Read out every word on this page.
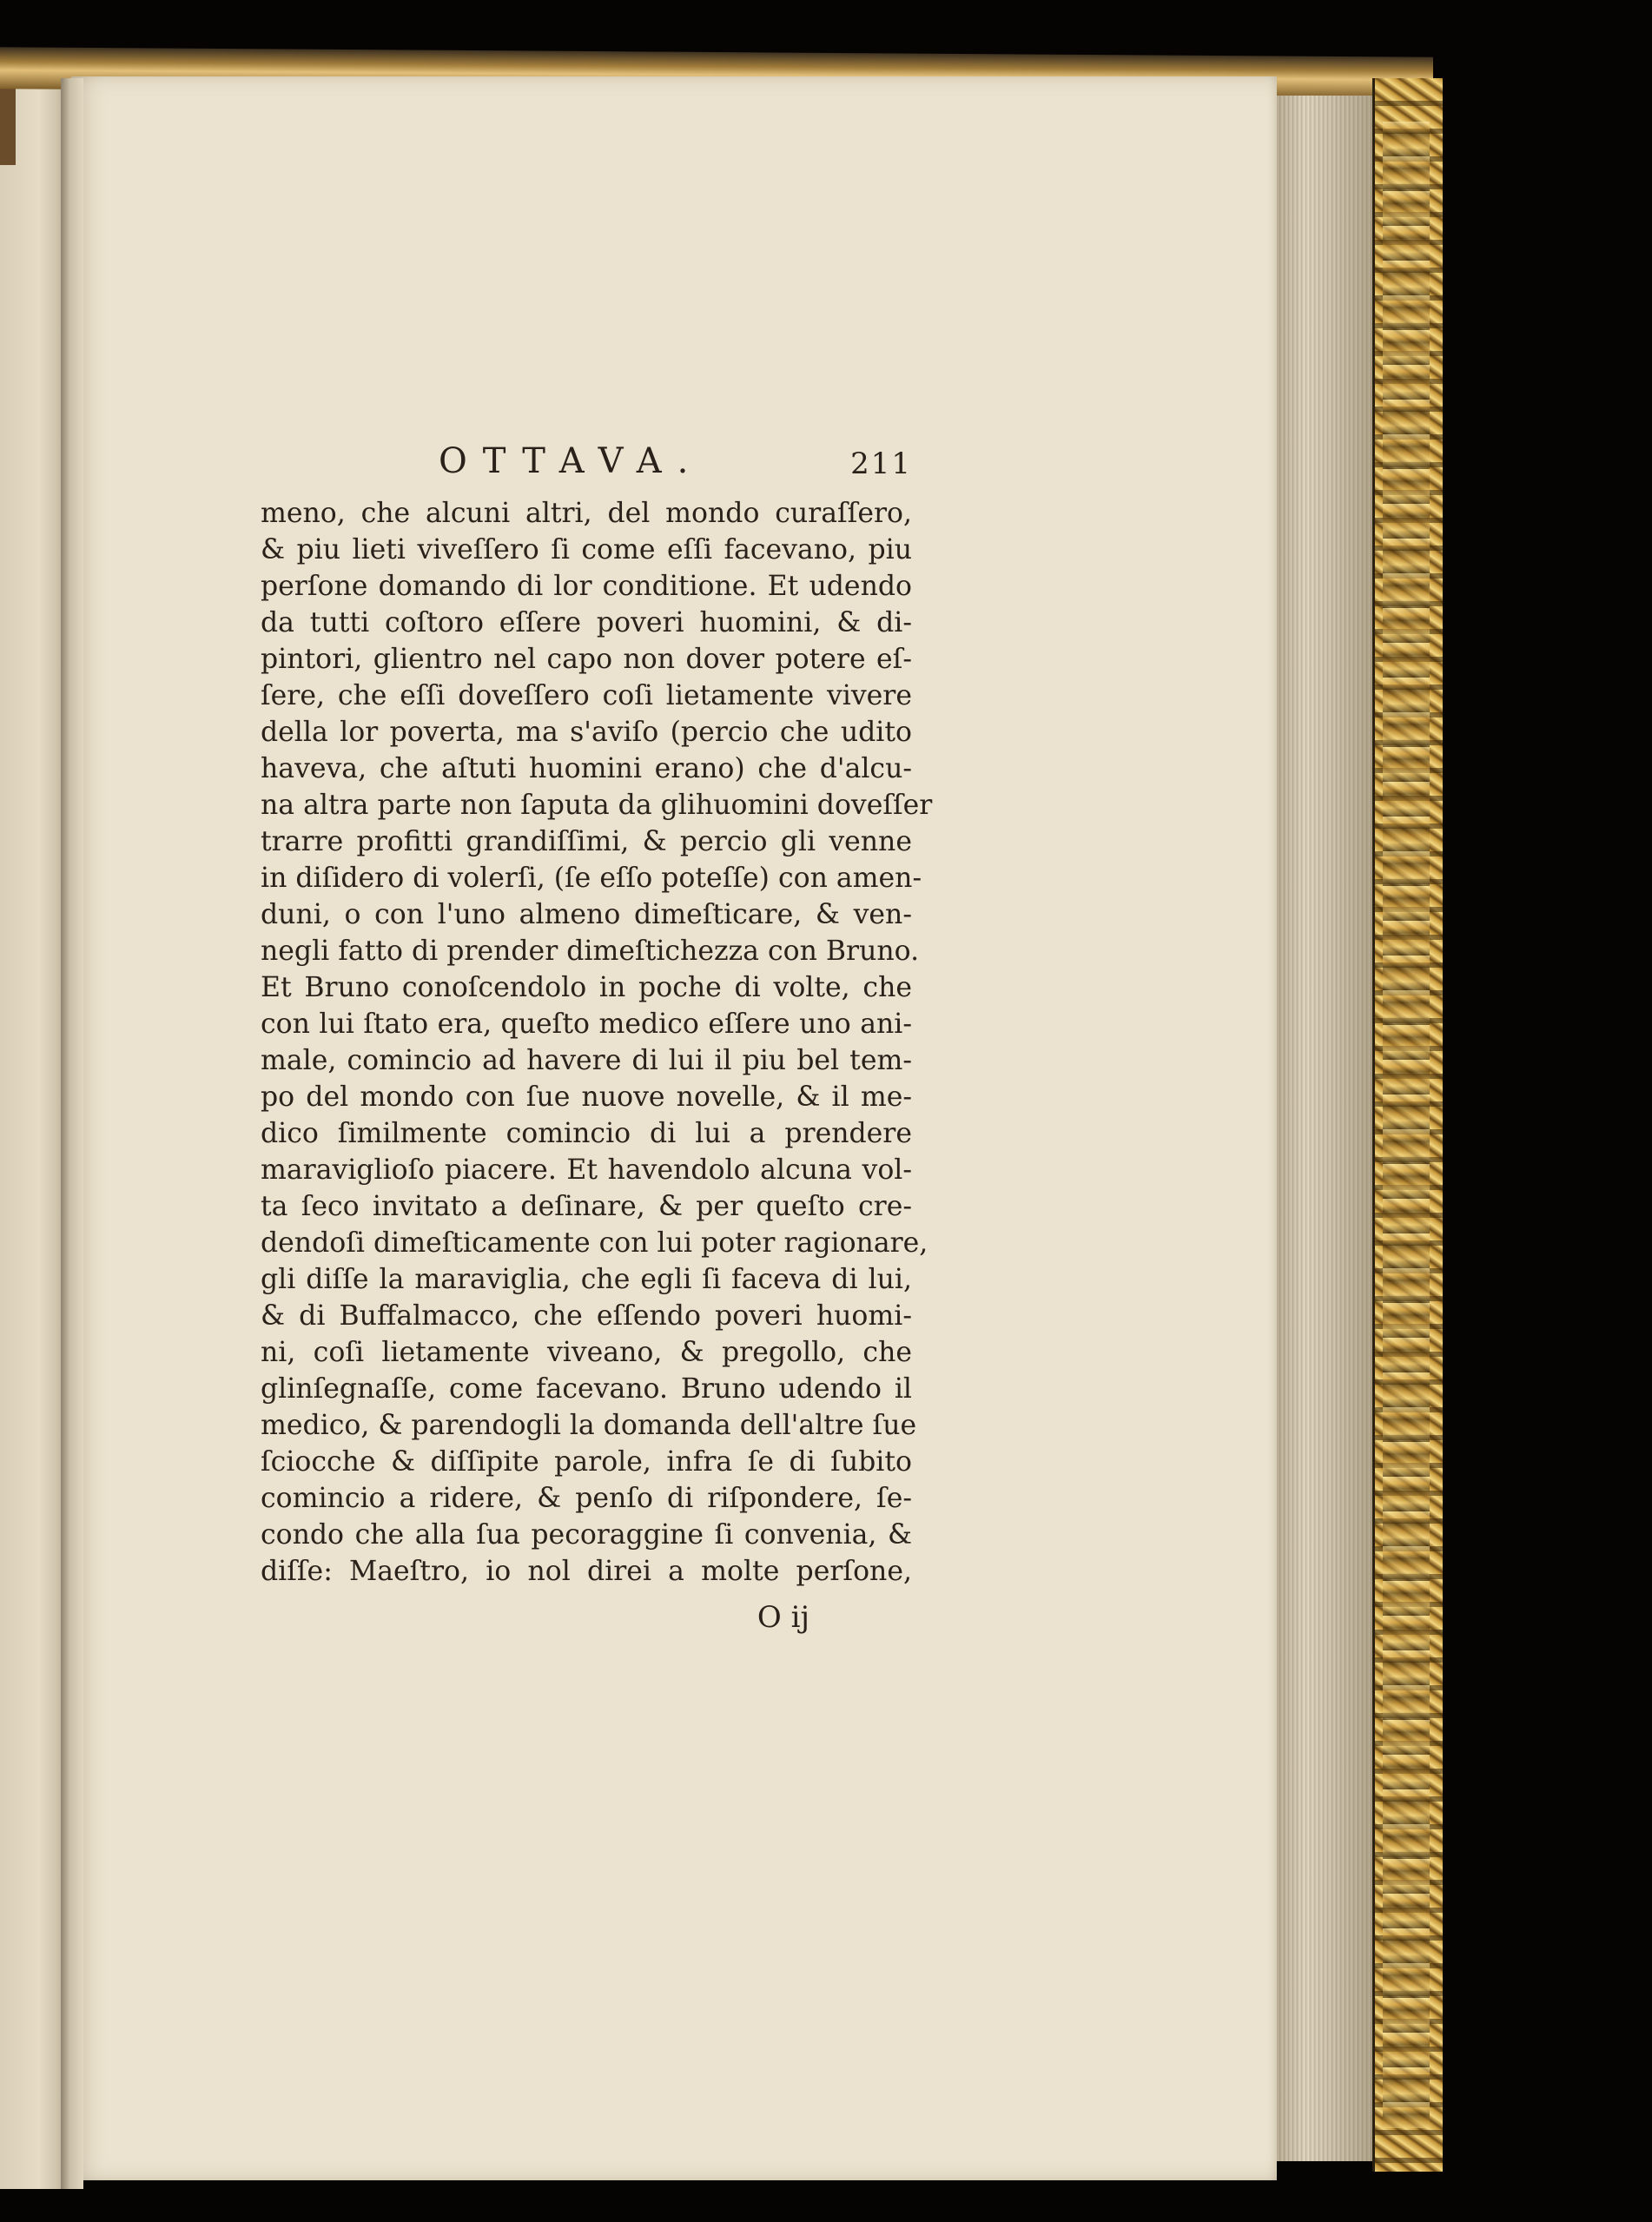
OTTAVA.	211
meno, che alcuni altri, del mondo curaſſero,
& piu lieti viveſſero ſi come eſſi facevano, piu
perſone domando di lor conditione. Et udendo
da tutti coſtoro eſſere poveri huomini, & di-
pintori, glientro nel capo non dover potere eſ-
ſere, che eſſi doveſſero coſi lietamente vivere
della lor poverta, ma s'aviſo (percio che udito
haveva, che aſtuti huomini erano) che d'alcu-
na altra parte non ſaputa da glihuomini doveſſer
trarre profitti grandiſſimi, & percio gli venne
in diſidero di volerſi, (ſe eſſo poteſſe) con amen-
duni, o con l'uno almeno dimeſticare, & ven-
negli fatto di prender dimeſtichezza con Bruno.
Et Bruno conoſcendolo in poche di volte, che
con lui ſtato era, queſto medico eſſere uno ani-
male, comincio ad havere di lui il piu bel tem-
po del mondo con ſue nuove novelle, & il me-
dico ſimilmente comincio di lui a prendere
maraviglioſo piacere. Et havendolo alcuna vol-
ta ſeco invitato a deſinare, & per queſto cre-
dendoſi dimeſticamente con lui poter ragionare,
gli diſſe la maraviglia, che egli ſi faceva di lui,
& di Buffalmacco, che eſſendo poveri huomi-
ni, coſi lietamente viveano, & pregollo, che
glinſegnaſſe, come facevano. Bruno udendo il
medico, & parendogli la domanda dell'altre ſue
ſciocche & diſſipite parole, infra ſe di ſubito
comincio a ridere, & penſo di riſpondere, ſe-
condo che alla ſua pecoraggine ſi convenia, &
diſſe: Maeſtro, io nol direi a molte perſone,
O ij
